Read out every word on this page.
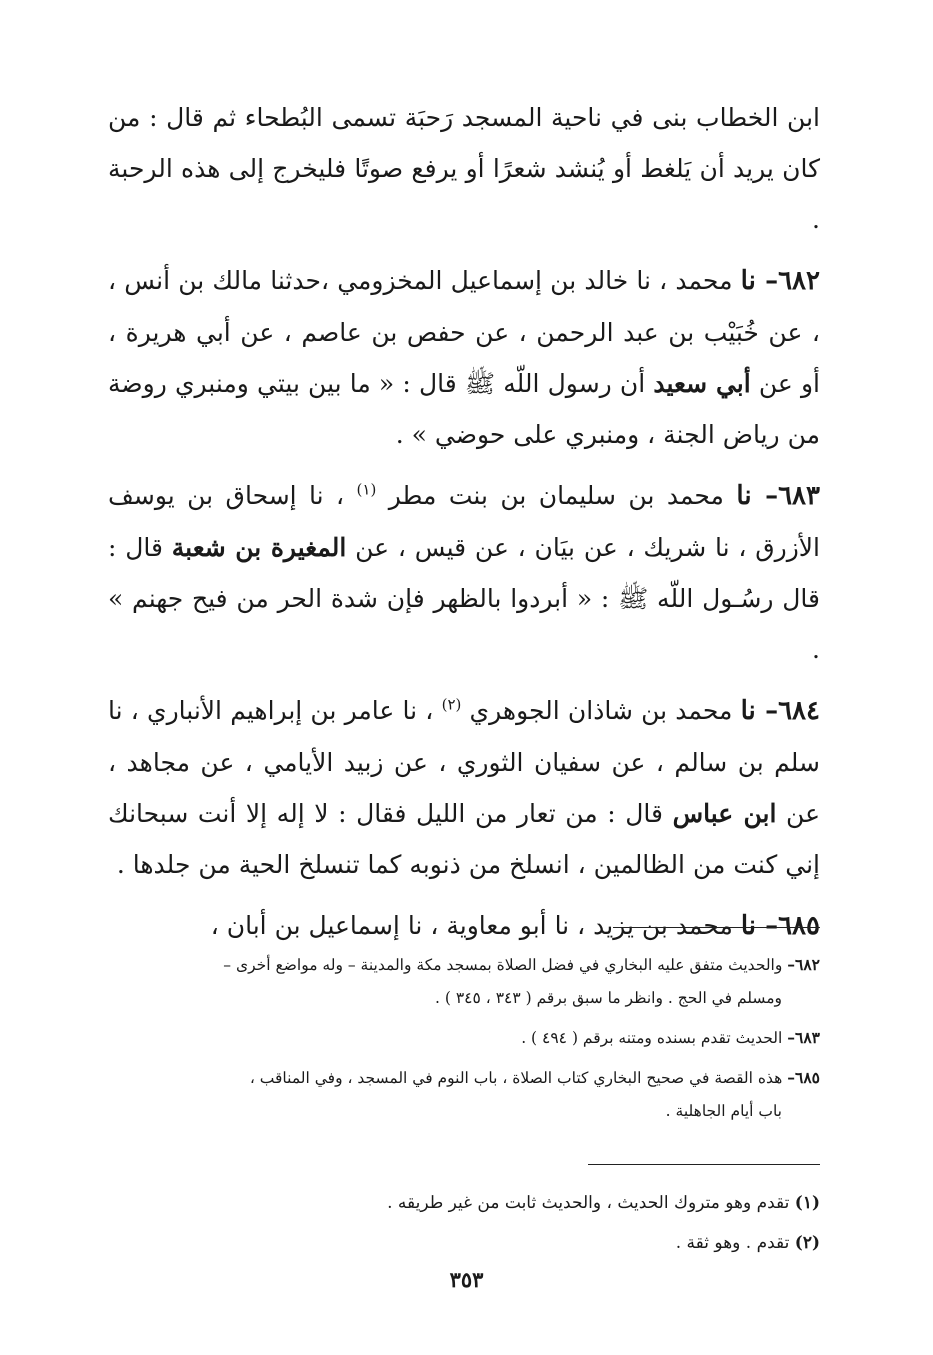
ابن الخطاب بنى في ناحية المسجد رَحبَة تسمى البُطحاء ثم قال : من كان يريد أن يَلغط أو يُنشد شعرًا أو يرفع صوتًا فليخرج إلى هذه الرحبة .

٦٨٢– نا محمد ، نا خالد بن إسماعيل المخزومي ،حدثنا مالك بن أنس ، ، عن خُبَيْب بن عبد الرحمن ، عن حفص بن عاصم ، عن أبي هريرة ، أو عن أبي سعيد أن رسول اللّه ﷺ قال : « ما بين بيتي ومنبري روضة من رياض الجنة ، ومنبري على حوضي » .

٦٨٣– نا محمد بن سليمان بن بنت مطر $^{(١)}$ ، نا إسحاق بن يوسف الأزرق ، نا شريك ، عن بيَان ، عن قيس ، عن المغيرة بن شعبة قال : قال رسُـول اللّه ﷺ : « أبردوا بالظهر فإن شدة الحر من فيح جهنم » .

٦٨٤– نا محمد بن شاذان الجوهري $^{(٢)}$ ، نا عامر بن إبراهيم الأنباري ، نا سلم بن سالم ، عن سفيان الثوري ، عن زبيد الأيامي ، عن مجاهد ، عن ابن عباس قال : من تعار من الليل فقال : لا إله إلا أنت سبحانك إني كنت من الظالمين ، انسلخ من ذنوبه كما تنسلخ الحية من جلدها .

٦٨٥– نا محمد بن يزيد ، نا أبو معاوية ، نا إسماعيل بن أبان ،

٦٨٢– والحديث متفق عليه البخاري في فضل الصلاة بمسجد مكة والمدينة – وله مواضع أخرى –
ومسلم في الحج . وانظر ما سبق برقم ( ٣٤٣ ، ٣٤٥ ) .
٦٨٣– الحديث تقدم بسنده ومتنه برقم ( ٤٩٤ ) .
٦٨٥– هذه القصة في صحيح البخاري كتاب الصلاة ، باب النوم في المسجد ، وفي المناقب ،
باب أيام الجاهلية .
(١) تقدم وهو متروك الحديث ، والحديث ثابت من غير طريقه .
(٢) تقدم . وهو ثقة .
٣٥٣
